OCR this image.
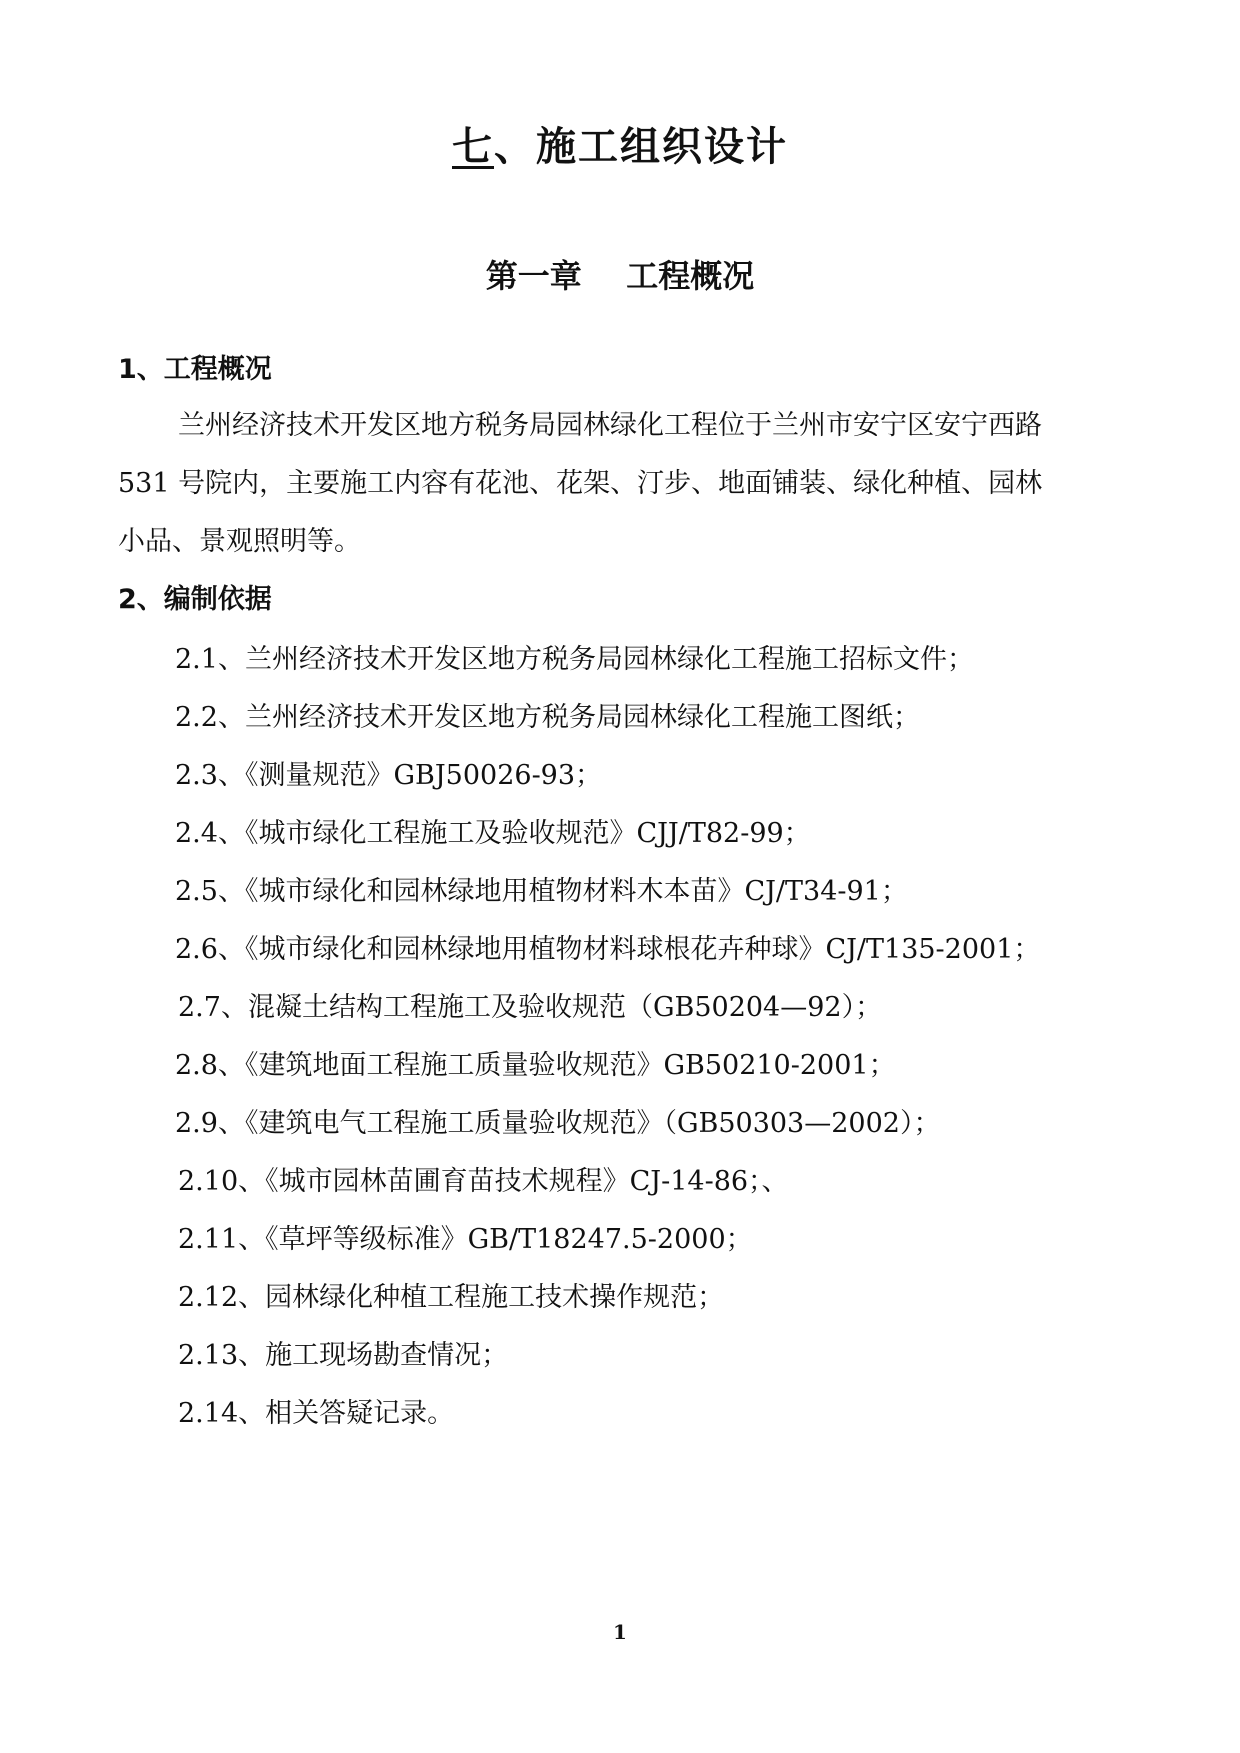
七、施工组织设计
第一章    工程概况
1、工程概况
兰州经济技术开发区地方税务局园林绿化工程位于兰州市安宁区安宁西路
531 号院内，主要施工内容有花池、花架、汀步、地面铺装、绿化种植、园林
小品、景观照明等。
2、编制依据
2.1、兰州经济技术开发区地方税务局园林绿化工程施工招标文件；
2.2、兰州经济技术开发区地方税务局园林绿化工程施工图纸；
2.3、《测量规范》GBJ50026-93；
2.4、《城市绿化工程施工及验收规范》CJJ/T82-99；
2.5、《城市绿化和园林绿地用植物材料木本苗》CJ/T34-91；
2.6、《城市绿化和园林绿地用植物材料球根花卉种球》CJ/T135-2001；
2.7、混凝土结构工程施工及验收规范（GB50204—92）；
2.8、《建筑地面工程施工质量验收规范》GB50210-2001；
2.9、《建筑电气工程施工质量验收规范》（GB50303—2002）；
2.10、《城市园林苗圃育苗技术规程》CJ-14-86；、
2.11、《草坪等级标准》GB/T18247.5-2000；
2.12、园林绿化种植工程施工技术操作规范；
2.13、施工现场勘查情况；
2.14、相关答疑记录。
1
